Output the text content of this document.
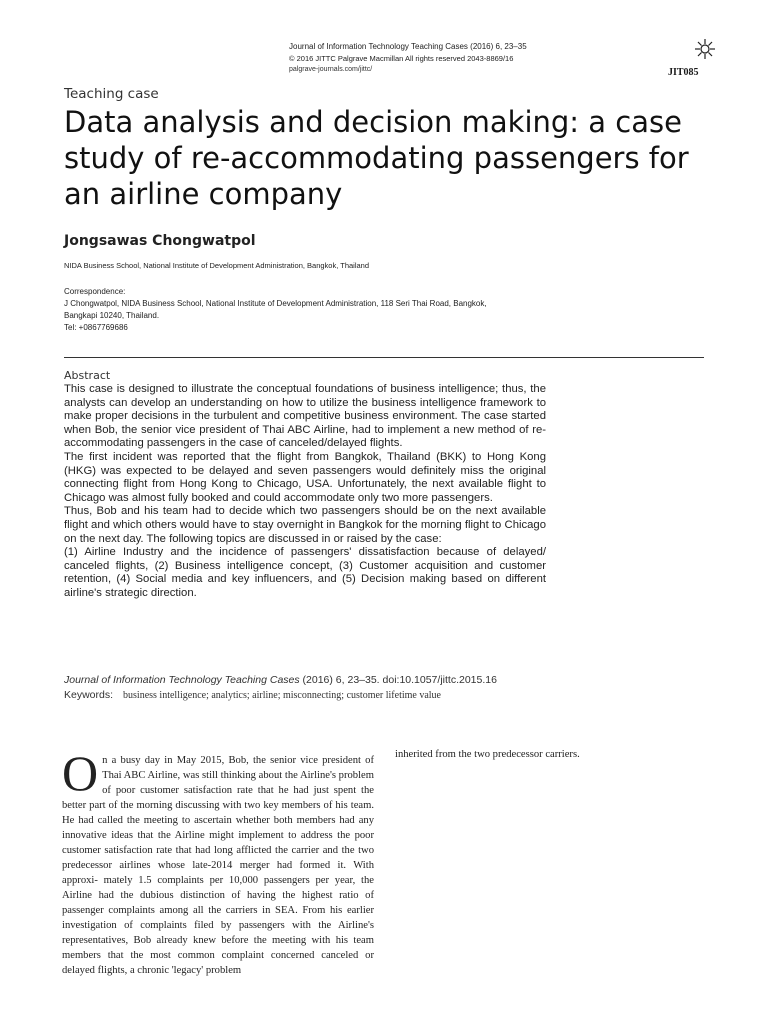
Journal of Information Technology Teaching Cases (2016) 6, 23–35
© 2016 JITTC Palgrave Macmillan All rights reserved 2043-8869/16
palgrave-journals.com/jittc/	JIT085
Teaching case
Data analysis and decision making: a case study of re-accommodating passengers for an airline company
Jongsawas Chongwatpol
NIDA Business School, National Institute of Development Administration, Bangkok, Thailand
Correspondence:
J Chongwatpol, NIDA Business School, National Institute of Development Administration, 118 Seri Thai Road, Bangkok,
Bangkapi 10240, Thailand.
Tel: +0867769686
Abstract

This case is designed to illustrate the conceptual foundations of business intelligence; thus, the analysts can develop an understanding on how to utilize the business intelligence framework to make proper decisions in the turbulent and competitive business environment. The case started when Bob, the senior vice president of Thai ABC Airline, had to implement a new method of re-accommodating passengers in the case of canceled/delayed flights.

The first incident was reported that the flight from Bangkok, Thailand (BKK) to Hong Kong (HKG) was expected to be delayed and seven passengers would definitely miss the original connecting flight from Hong Kong to Chicago, USA. Unfortunately, the next available flight to Chicago was almost fully booked and could accommodate only two more passengers.

Thus, Bob and his team had to decide which two passengers should be on the next available flight and which others would have to stay overnight in Bangkok for the morning flight to Chicago on the next day. The following topics are discussed in or raised by the case:

(1) Airline Industry and the incidence of passengers' dissatisfaction because of delayed/ canceled flights, (2) Business intelligence concept, (3) Customer acquisition and customer retention, (4) Social media and key influencers, and (5) Decision making based on different airline's strategic direction.

Journal of Information Technology Teaching Cases (2016) 6, 23–35. doi:10.1057/jittc.2015.16
Keywords: business intelligence; analytics; airline; misconnecting; customer lifetime value
O n a busy day in May 2015, Bob, the senior vice president of Thai ABC Airline, was still thinking about the Airline's problem of poor customer satisfaction rate that he had just spent the better part of the morning discussing with two key members of his team. He had called the meeting to ascertain whether both members had any innovative ideas that the Airline might implement to address the poor customer satisfaction rate that had long afflicted the carrier and the two predecessor airlines whose late-2014 merger had formed it. With approxi- mately 1.5 complaints per 10,000 passengers per year, the Airline had the dubious distinction of having the highest ratio of passenger complaints among all the carriers in SEA. From his earlier investigation of complaints filed by passengers with the Airline's representatives, Bob already knew before the meeting with his team members that the most common complaint concerned canceled or delayed flights, a chronic 'legacy' problem
inherited from the two predecessor carriers.
